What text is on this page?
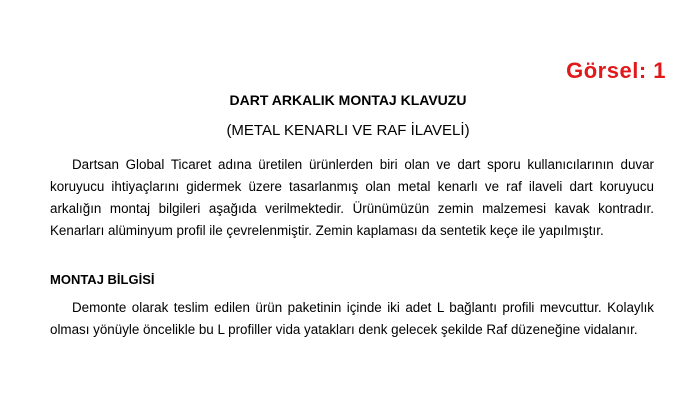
Görsel: 1
DART ARKALIK MONTAJ KLAVUZU
(METAL KENARLI VE RAF İLAVELİ)

Dartsan Global Ticaret adına üretilen ürünlerden biri olan ve dart sporu kullanıcılarının duvar koruyucu ihtiyaçlarını gidermek üzere tasarlanmış olan metal kenarlı ve raf ilaveli dart koruyucu arkalığın montaj bilgileri aşağıda verilmektedir. Ürünümüzün zemin malzemesi kavak kontradır. Kenarları alüminyum profil ile çevrelenmiştir. Zemin kaplaması da sentetik keçe ile yapılmıştır.

MONTAJ BİLGİSİ

Demonte olarak teslim edilen ürün paketinin içinde iki adet L bağlantı profili mevcuttur. Kolaylık olması yönüyle öncelikle bu L profiller vida yatakları denk gelecek şekilde Raf düzeneğine vidalanır.
